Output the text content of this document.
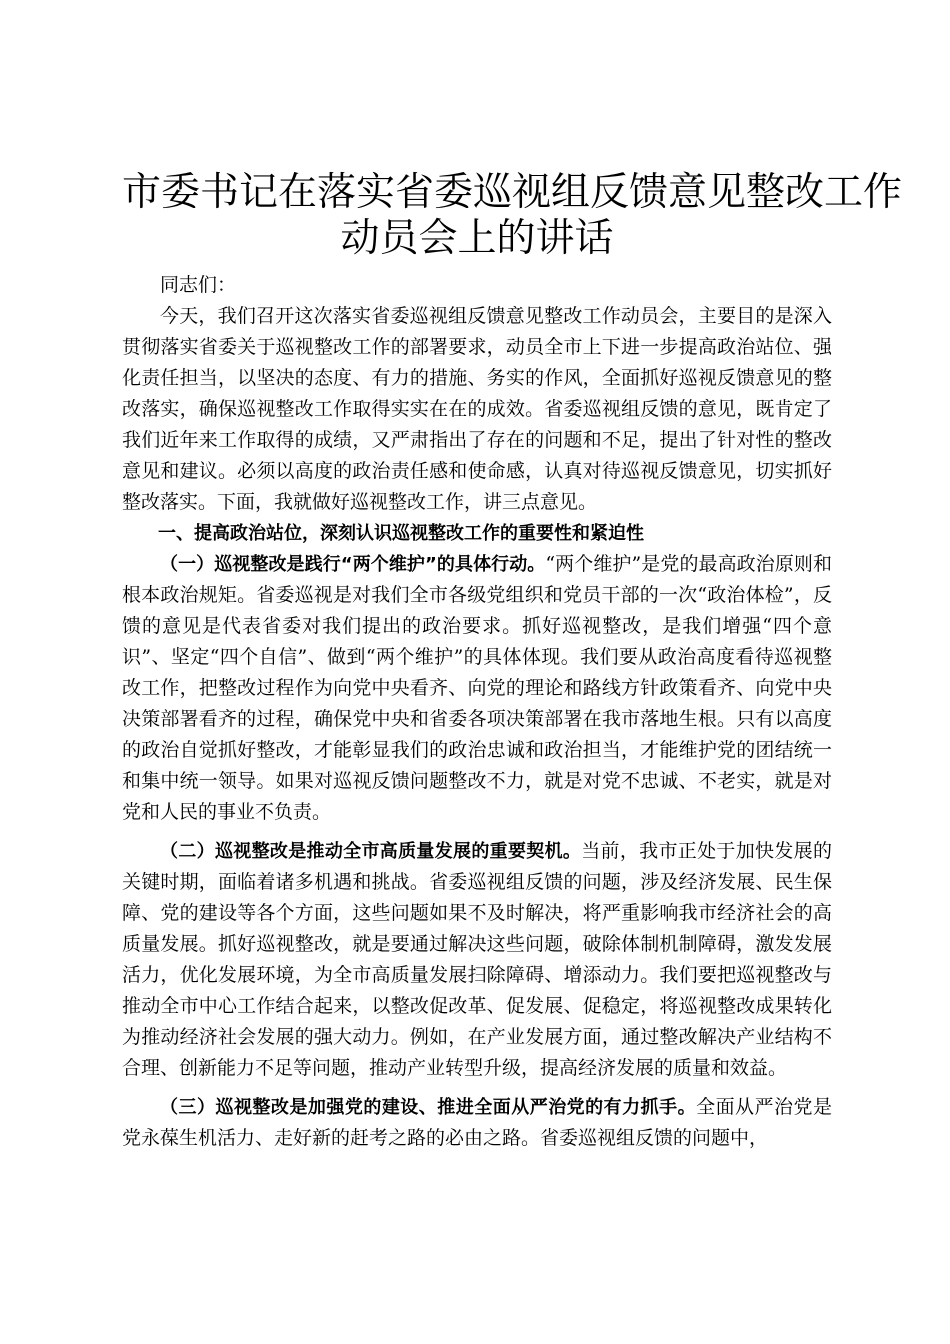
市委书记在落实省委巡视组反馈意见整改工作
动员会上的讲话

同志们：

今天，我们召开这次落实省委巡视组反馈意见整改工作动员会，主要目的是深入贯彻落实省委关于巡视整改工作的部署要求，动员全市上下进一步提高政治站位、强化责任担当，以坚决的态度、有力的措施、务实的作风，全面抓好巡视反馈意见的整改落实，确保巡视整改工作取得实实在在的成效。省委巡视组反馈的意见，既肯定了我们近年来工作取得的成绩，又严肃指出了存在的问题和不足，提出了针对性的整改意见和建议。必须以高度的政治责任感和使命感，认真对待巡视反馈意见，切实抓好整改落实。下面，我就做好巡视整改工作，讲三点意见。

一、提高政治站位，深刻认识巡视整改工作的重要性和紧迫性

（一）巡视整改是践行“两个维护”的具体行动。“两个维护”是党的最高政治原则和根本政治规矩。省委巡视是对我们全市各级党组织和党员干部的一次“政治体检”，反馈的意见是代表省委对我们提出的政治要求。抓好巡视整改，是我们增强“四个意识”、坚定“四个自信”、做到“两个维护”的具体体现。我们要从政治高度看待巡视整改工作，把整改过程作为向党中央看齐、向党的理论和路线方针政策看齐、向党中央决策部署看齐的过程，确保党中央和省委各项决策部署在我市落地生根。只有以高度的政治自觉抓好整改，才能彰显我们的政治忠诚和政治担当，才能维护党的团结统一和集中统一领导。如果对巡视反馈问题整改不力，就是对党不忠诚、不老实，就是对党和人民的事业不负责。

（二）巡视整改是推动全市高质量发展的重要契机。当前，我市正处于加快发展的关键时期，面临着诸多机遇和挑战。省委巡视组反馈的问题，涉及经济发展、民生保障、党的建设等各个方面，这些问题如果不及时解决，将严重影响我市经济社会的高质量发展。抓好巡视整改，就是要通过解决这些问题，破除体制机制障碍，激发发展活力，优化发展环境，为全市高质量发展扫除障碍、增添动力。我们要把巡视整改与推动全市中心工作结合起来，以整改促改革、促发展、促稳定，将巡视整改成果转化为推动经济社会发展的强大动力。例如，在产业发展方面，通过整改解决产业结构不合理、创新能力不足等问题，推动产业转型升级，提高经济发展的质量和效益。

（三）巡视整改是加强党的建设、推进全面从严治党的有力抓手。全面从严治党是党永葆生机活力、走好新的赶考之路的必由之路。省委巡视组反馈的问题中，
